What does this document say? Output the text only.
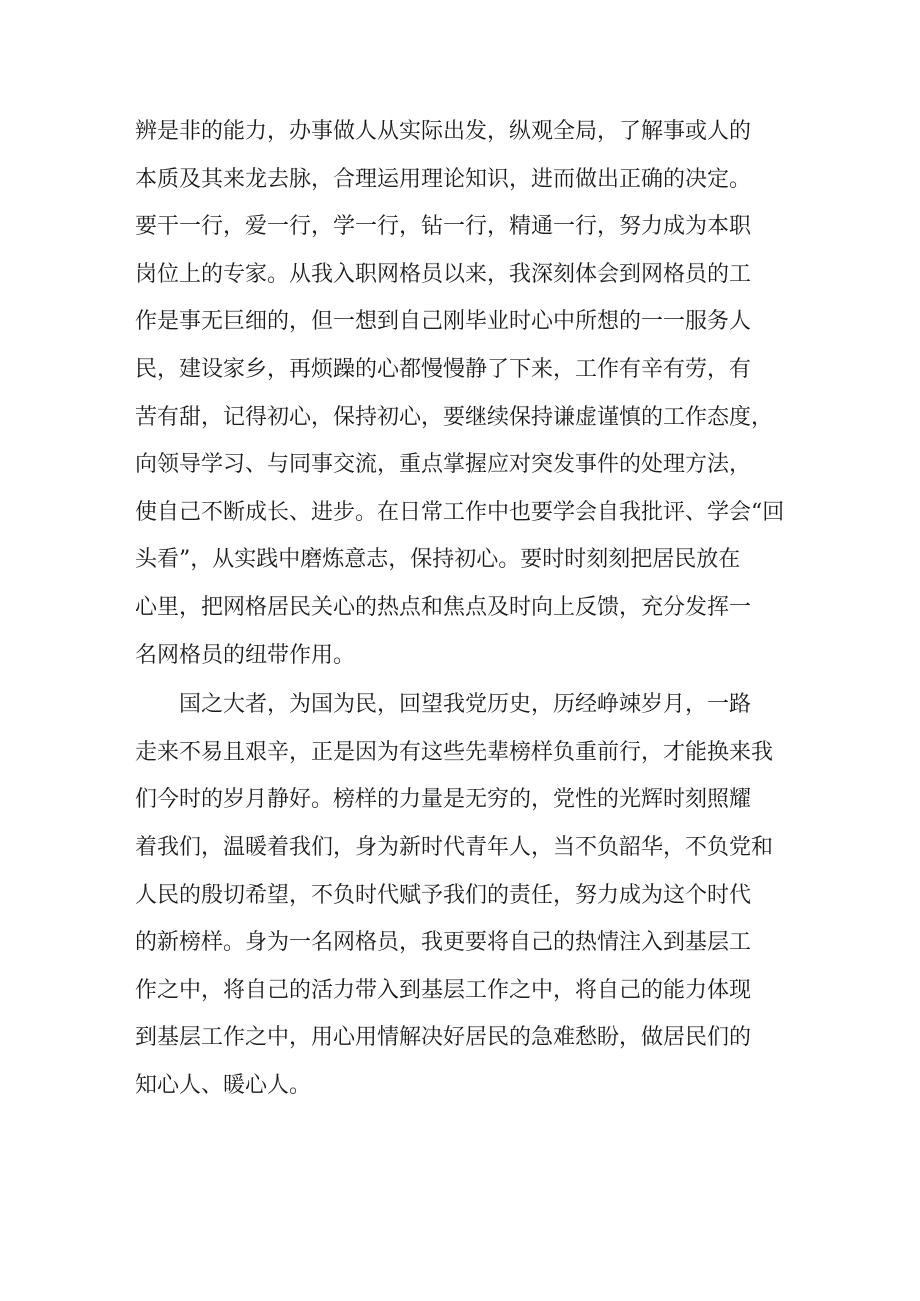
辨是非的能力，办事做人从实际出发，纵观全局，了解事或人的
本质及其来龙去脉，合理运用理论知识，进而做出正确的决定。
要干一行，爱一行，学一行，钻一行，精通一行，努力成为本职
岗位上的专家。从我入职网格员以来，我深刻体会到网格员的工
作是事无巨细的，但一想到自己刚毕业时心中所想的一一服务人
民，建设家乡，再烦躁的心都慢慢静了下来，工作有辛有劳，有
苦有甜，记得初心，保持初心，要继续保持谦虚谨慎的工作态度，
向领导学习、与同事交流，重点掌握应对突发事件的处理方法，
使自己不断成长、进步。在日常工作中也要学会自我批评、学会“回
头看”，从实践中磨炼意志，保持初心。要时时刻刻把居民放在
心里，把网格居民关心的热点和焦点及时向上反馈，充分发挥一
名网格员的纽带作用。
　　国之大者，为国为民，回望我党历史，历经峥竦岁月，一路
走来不易且艰辛，正是因为有这些先辈榜样负重前行，才能换来我
们今时的岁月静好。榜样的力量是无穷的，党性的光辉时刻照耀
着我们，温暖着我们，身为新时代青年人，当不负韶华，不负党和
人民的殷切希望，不负时代赋予我们的责任，努力成为这个时代
的新榜样。身为一名网格员，我更要将自己的热情注入到基层工
作之中，将自己的活力带入到基层工作之中，将自己的能力体现
到基层工作之中，用心用情解决好居民的急难愁盼，做居民们的
知心人、暖心人。
